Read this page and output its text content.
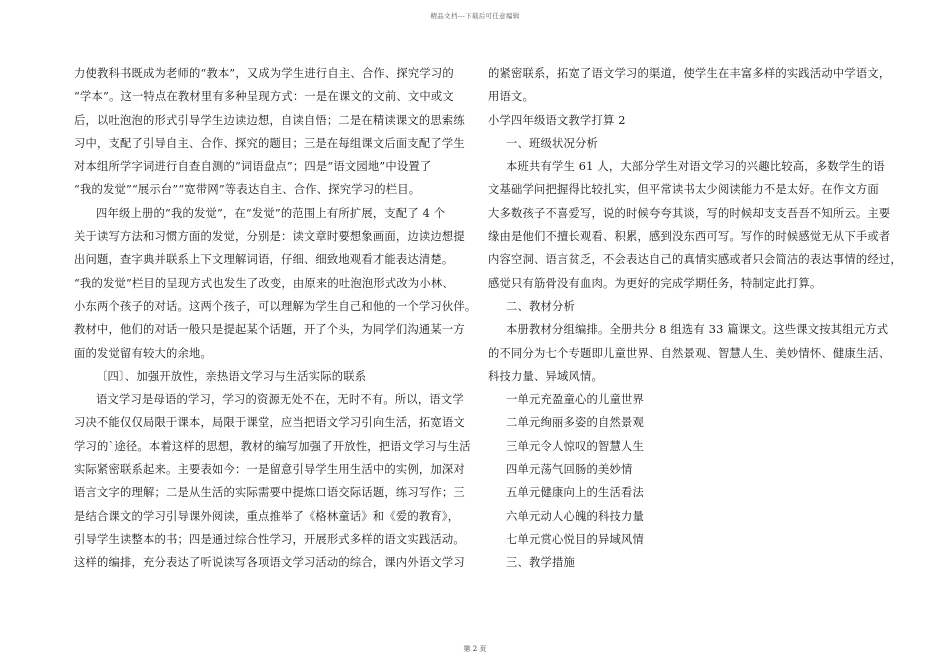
精品文档---下载后可任意编辑

力使教科书既成为老师的“教本”，又成为学生进行自主、合作、探究学习的

“学本”。这一特点在教材里有多种呈现方式：一是在课文的文前、文中或文

后，以吐泡泡的形式引导学生边读边想，自读自悟；二是在精读课文的思索练

习中，支配了引导自主、合作、探究的题目；三是在每组课文后面支配了学生

对本组所学字词进行自查自测的“词语盘点”；四是“语文园地”中设置了

“我的发觉”“展示台”“宽带网”等表达自主、合作、探究学习的栏目。

四年级上册的“我的发觉”，在“发觉”的范围上有所扩展，支配了 4 个

关于读写方法和习惯方面的发觉，分别是：读文章时要想象画面，边读边想提

出问题，查字典并联系上下文理解词语，仔细、细致地观看才能表达清楚。

“我的发觉”栏目的呈现方式也发生了改变，由原来的吐泡泡形式改为小林、

小东两个孩子的对话。这两个孩子，可以理解为学生自己和他的一个学习伙伴。

教材中，他们的对话一般只是提起某个话题，开了个头，为同学们沟通某一方

面的发觉留有较大的余地。

〔四〕、加强开放性，亲热语文学习与生活实际的联系

语文学习是母语的学习，学习的资源无处不在，无时不有。所以，语文学

习决不能仅仅局限于课本，局限于课堂，应当把语文学习引向生活，拓宽语文

学习的`途径。本着这样的思想，教材的编写加强了开放性，把语文学习与生活

实际紧密联系起来。主要表如今：一是留意引导学生用生活中的实例，加深对

语言文字的理解；二是从生活的实际需要中提炼口语交际话题，练习写作；三

是结合课文的学习引导课外阅读，重点推举了《格林童话》和《爱的教育》，

引导学生读整本的书；四是通过综合性学习，开展形式多样的语文实践活动。

这样的编排，充分表达了听说读写各项语文学习活动的综合，课内外语文学习

的紧密联系，拓宽了语文学习的渠道，使学生在丰富多样的实践活动中学语文，

用语文。

小学四年级语文教学打算 2

一、班级状况分析

本班共有学生 61 人，大部分学生对语文学习的兴趣比较高，多数学生的语

文基础学问把握得比较扎实，但平常读书太少阅读能力不是太好。在作文方面

大多数孩子不喜爱写，说的时候夸夸其谈，写的时候却支支吾吾不知所云。主要

缘由是他们不擅长观看、积累，感到没东西可写。写作的时候感觉无从下手或者

内容空洞、语言贫乏，不会表达自己的真情实感或者只会简洁的表达事情的经过，

感觉只有筋骨没有血肉。为更好的完成学期任务，特制定此打算。

二、教材分析

本册教材分组编排。全册共分 8 组选有 33 篇课文。这些课文按其组元方式

的不同分为七个专题即儿童世界、自然景观、智慧人生、美妙情怀、健康生活、

科技力量、异域风情。

一单元充盈童心的儿童世界

二单元绚丽多姿的自然景观

三单元令人惊叹的智慧人生

四单元荡气回肠的美妙情

五单元健康向上的生活看法

六单元动人心魄的科技力量

七单元赏心悦目的异域风情

三、教学措施

第 2 页
